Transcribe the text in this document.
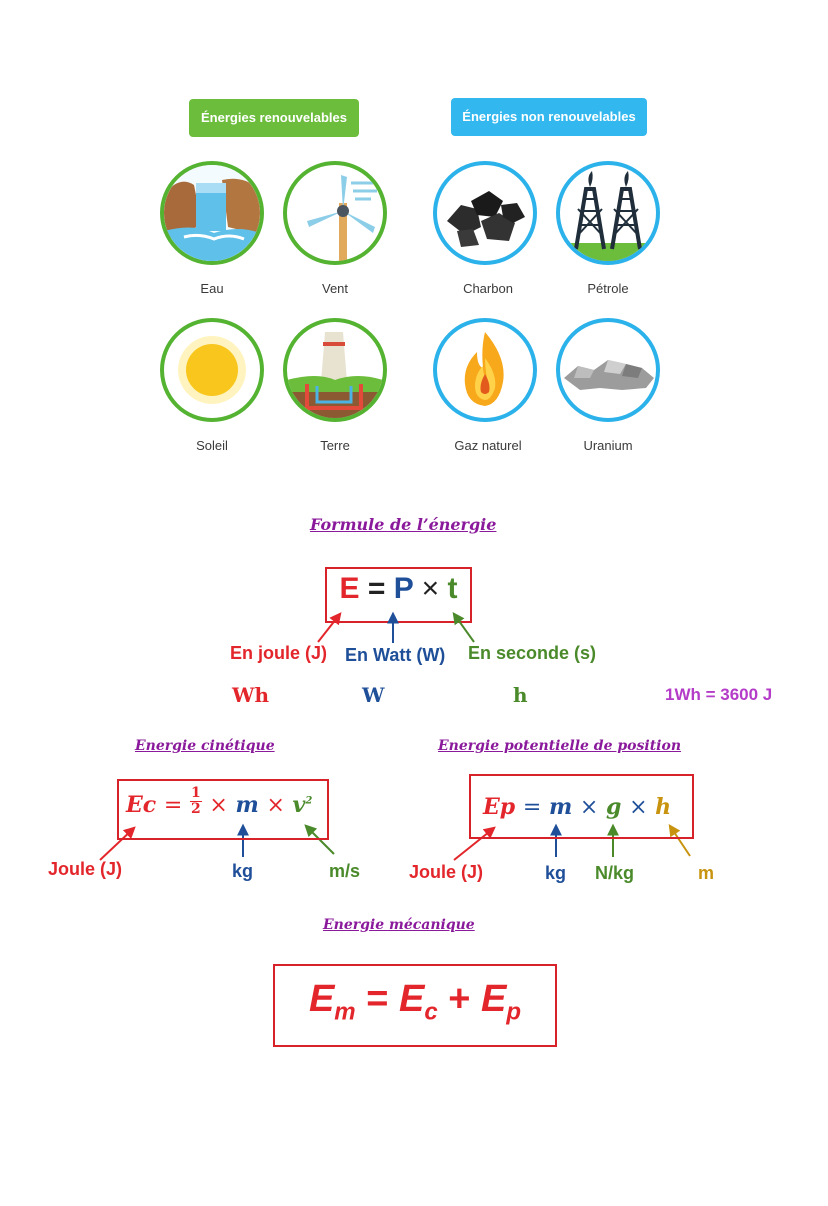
Énergies renouvelables	Énergies non renouvelables
Eau	Vent	Charbon	Pétrole
Soleil	Terre	Gaz naturel	Uranium
Formule de l’énergie
E = P × t
En joule (J) En Watt (W) En seconde (s)
Wh	W	h	1Wh = 3600 J
Energie cinétique
$Ec = \frac{1}{2} \times m \times v^2$
Joule (J)	kg	m/s
Energie potentielle de position
Ep = m × g × h
Joule (J)	kg N/kg	m
Energie mécanique
$E_m = E_c + E_p$
